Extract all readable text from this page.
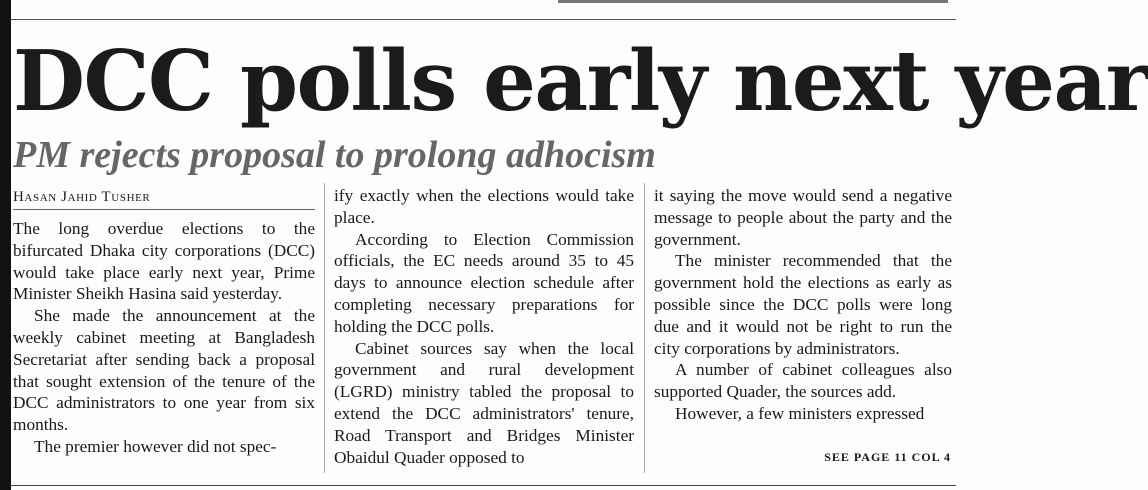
DCC polls early next year
PM rejects proposal to prolong adhocism
Hasan Jahid Tusher

The long overdue elections to the bifurcated Dhaka city corporations (DCC) would take place early next year, Prime Minister Sheikh Hasina said yesterday.

She made the announcement at the weekly cabinet meeting at Bangladesh Secretariat after sending back a proposal that sought extension of the tenure of the DCC administrators to one year from six months.

The premier however did not spec-

ify exactly when the elections would take place.

According to Election Commission officials, the EC needs around 35 to 45 days to announce election schedule after completing necessary preparations for holding the DCC polls.

Cabinet sources say when the local government and rural development (LGRD) ministry tabled the proposal to extend the DCC administrators' tenure, Road Transport and Bridges Minister Obaidul Quader opposed to

it saying the move would send a negative message to people about the party and the government.

The minister recommended that the government hold the elections as early as possible since the DCC polls were long due and it would not be right to run the city corporations by administrators.

A number of cabinet colleagues also supported Quader, the sources add.

However, a few ministers expressed

SEE PAGE 11 COL 4
